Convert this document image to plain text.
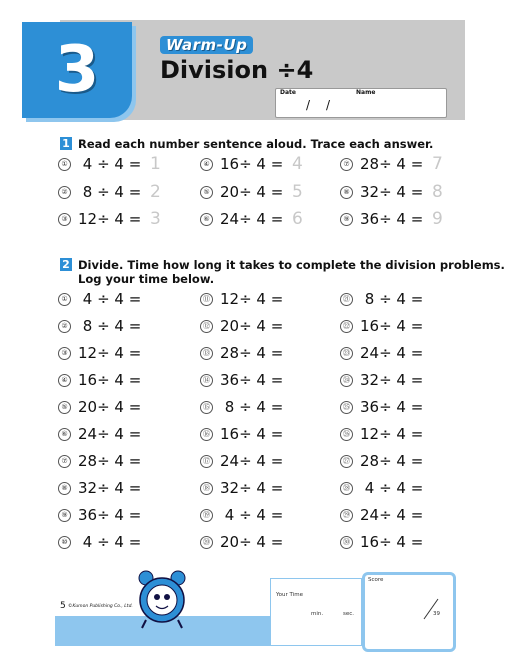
3	Warm-Up
Division ÷4
Date	Name
/ /
1 Read each number sentence aloud. Trace each answer.
① 4 ÷ 4 = 1
② 8 ÷ 4 = 2
③ 12÷ 4 = 3
④ 16÷ 4 = 4
⑤ 20÷ 4 = 5
⑥ 24÷ 4 = 6
⑦ 28÷ 4 = 7
⑧ 32÷ 4 = 8
⑨ 36÷ 4 = 9
2 Divide. Time how long it takes to complete the division problems.
Log your time below.
① 4 ÷ 4 =
② 8 ÷ 4 =
③ 12÷ 4 =
④ 16÷ 4 =
⑤ 20÷ 4 =
⑥ 24÷ 4 =
⑦ 28÷ 4 =
⑧ 32÷ 4 =
⑨ 36÷ 4 =
⑩ 4 ÷ 4 =
⑪ 12÷ 4 =
⑫ 20÷ 4 =
⑬ 28÷ 4 =
⑭ 36÷ 4 =
⑮ 8 ÷ 4 =
⑯ 16÷ 4 =
⑰ 24÷ 4 =
⑱ 32÷ 4 =
⑲ 4 ÷ 4 =
⑳ 20÷ 4 =
㉑ 8 ÷ 4 =
㉒ 16÷ 4 =
㉓ 24÷ 4 =
㉔ 32÷ 4 =
㉕ 36÷ 4 =
㉖ 12÷ 4 =
㉗ 28÷ 4 =
㉘ 4 ÷ 4 =
㉙ 24÷ 4 =
㉚ 16÷ 4 =
Your Time
min.	sec.
Score
39
5 ©Kumon Publishing Co., Ltd.
